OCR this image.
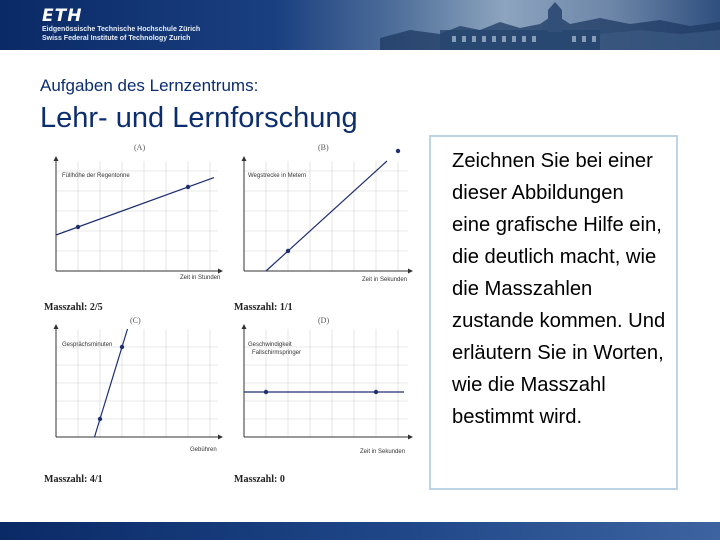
ETH
Eidgenössische Technische Hochschule Zürich
Swiss Federal Institute of Technology Zurich
Aufgaben des Lernzentrums:
Lehr- und Lernforschung
(A)
Füllhöhe der Regentonne
Zeit in Stunden
Masszahl: 2/5
(B)
Wegstrecke in Metern
Zeit in Sekunden
Masszahl: 1/1
(C)
Gesprächsminuten
Gebühren
Masszahl: 4/1
(D)
Geschwindigkeit Fallschirmspringer
Zeit in Sekunden
Masszahl: 0

Zeichnen Sie bei einer dieser Abbildungen eine grafische Hilfe ein, die deutlich macht, wie die Masszahlen zustande kommen. Und erläutern Sie in Worten, wie die Masszahl bestimmt wird.
